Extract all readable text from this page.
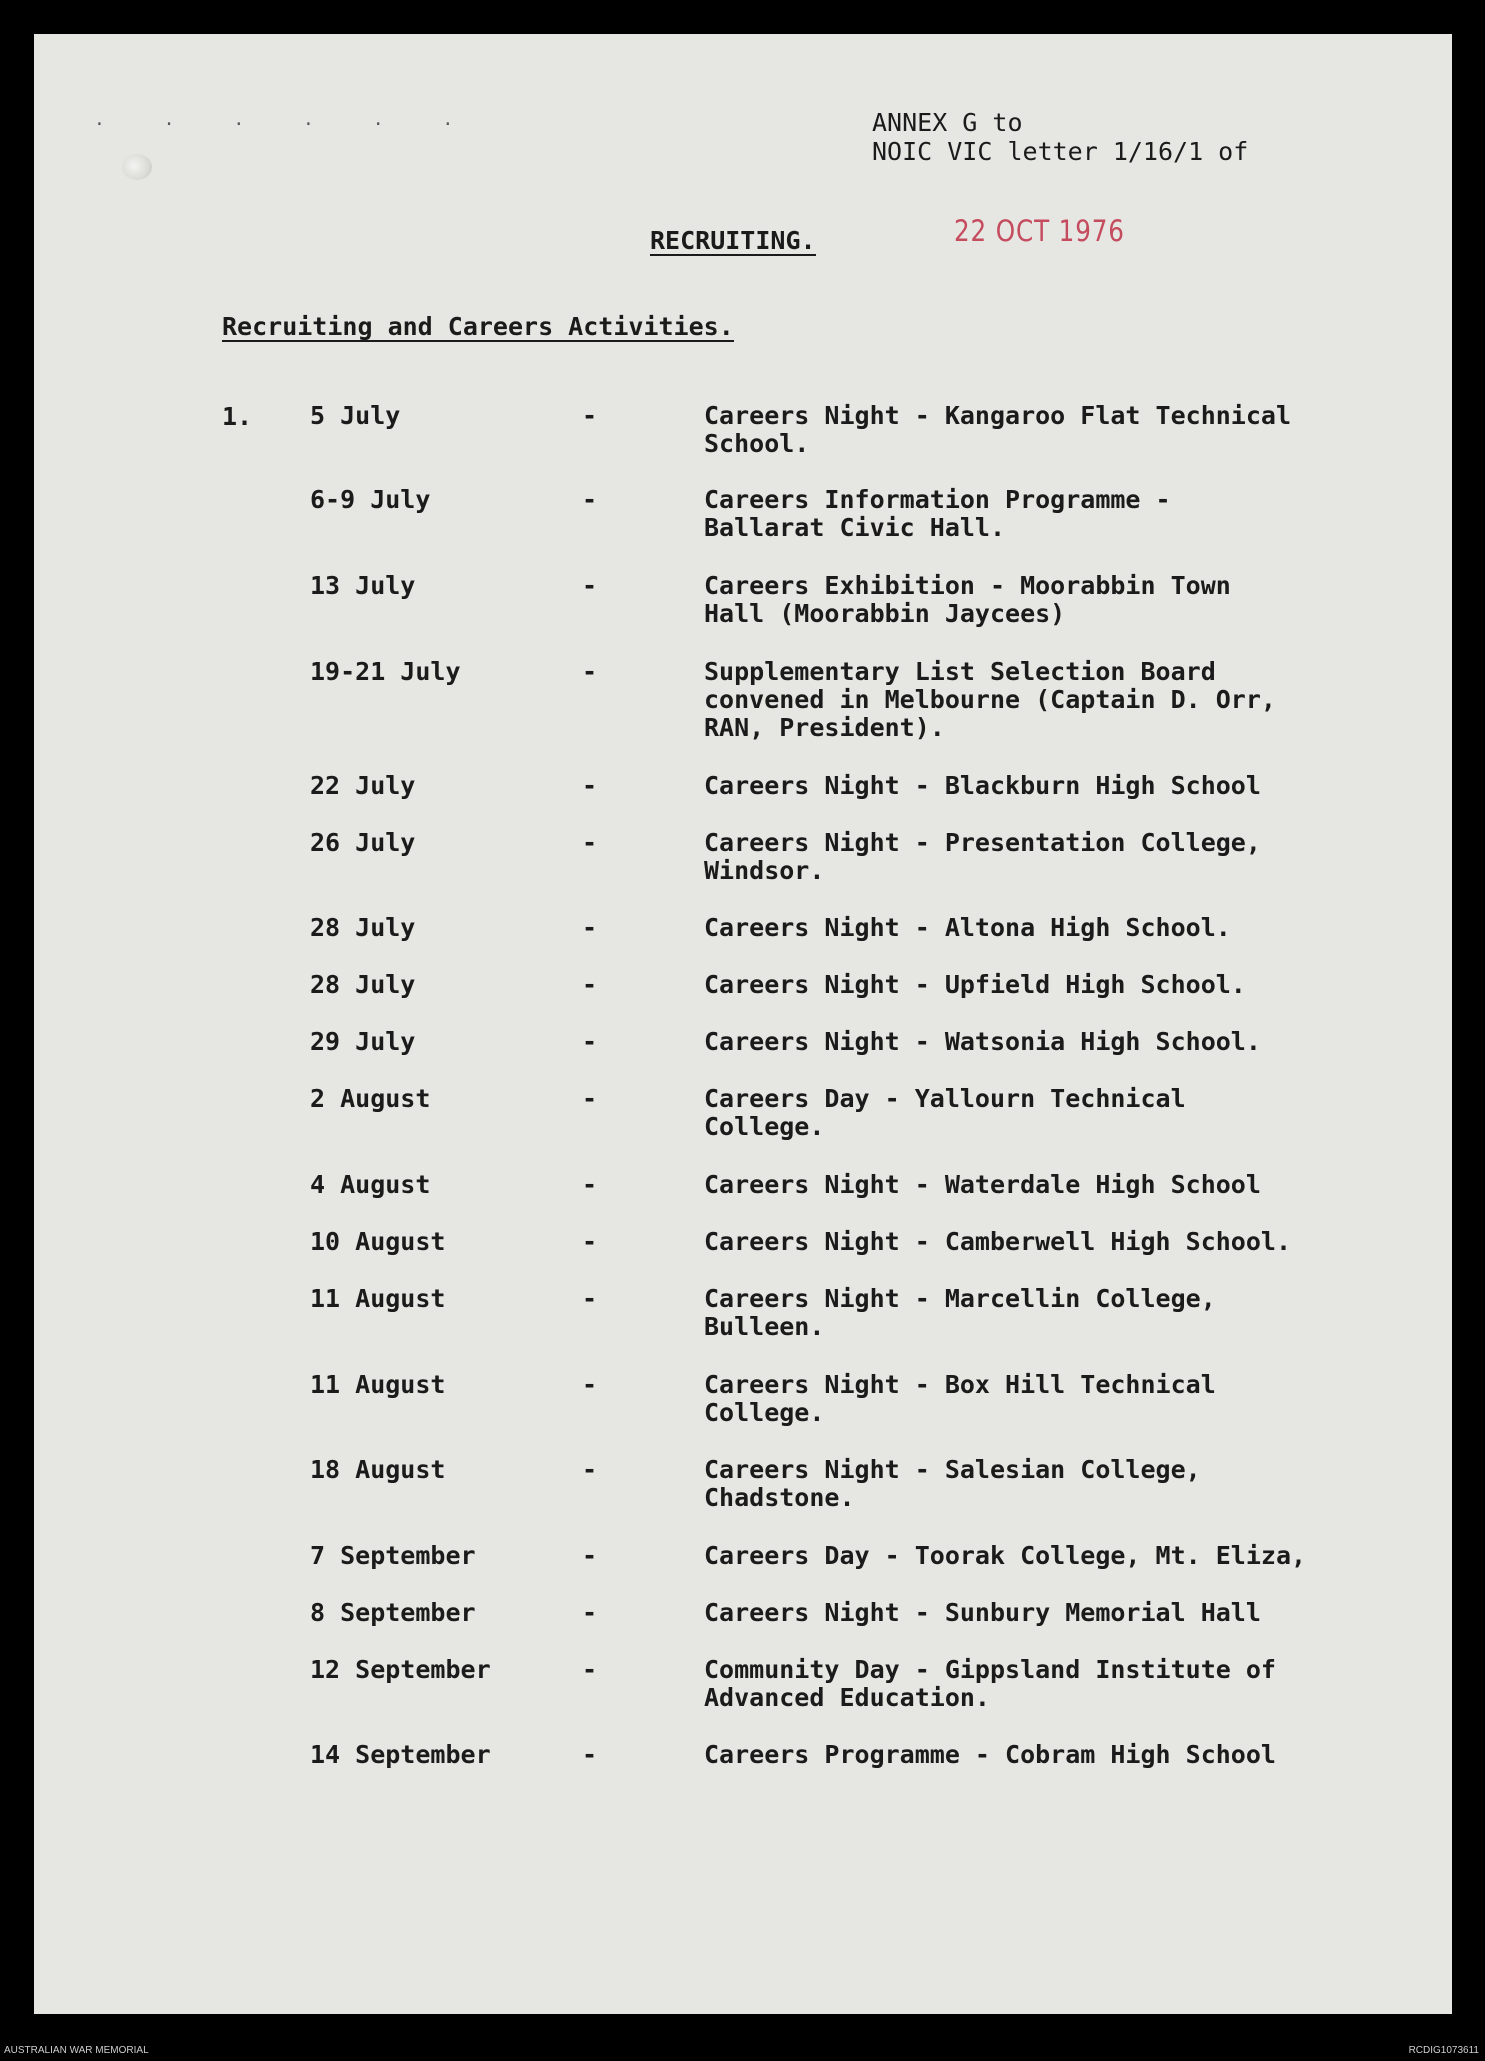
· · · · · ·	ANNEX G to
NOIC VIC letter 1/16/1 of
RECRUITING.	22 OCT 1976
Recruiting and Careers Activities.
1. 5 July	-	Careers Night - Kangaroo Flat Technical
School.
6-9 July	-	Careers Information Programme -
Ballarat Civic Hall.
13 July	-	Careers Exhibition - Moorabbin Town
Hall (Moorabbin Jaycees)
19-21 July	-	Supplementary List Selection Board
convened in Melbourne (Captain D. Orr,
RAN, President).
22 July	-	Careers Night - Blackburn High School
26 July	-	Careers Night - Presentation College,
Windsor.
28 July	-	Careers Night - Altona High School.
28 July	-	Careers Night - Upfield High School.
29 July	-	Careers Night - Watsonia High School.
2 August	-	Careers Day - Yallourn Technical
College.
4 August	-	Careers Night - Waterdale High School
10 August	-	Careers Night - Camberwell High School.
11 August	-	Careers Night - Marcellin College,
Bulleen.
11 August	-	Careers Night - Box Hill Technical
College.
18 August	-	Careers Night - Salesian College,
Chadstone.
7 September	-	Careers Day - Toorak College, Mt. Eliza,
8 September	-	Careers Night - Sunbury Memorial Hall
12 September	-	Community Day - Gippsland Institute of
Advanced Education.
14 September	-	Careers Programme - Cobram High School
AUSTRALIAN WAR MEMORIAL	RCDIG1073611
